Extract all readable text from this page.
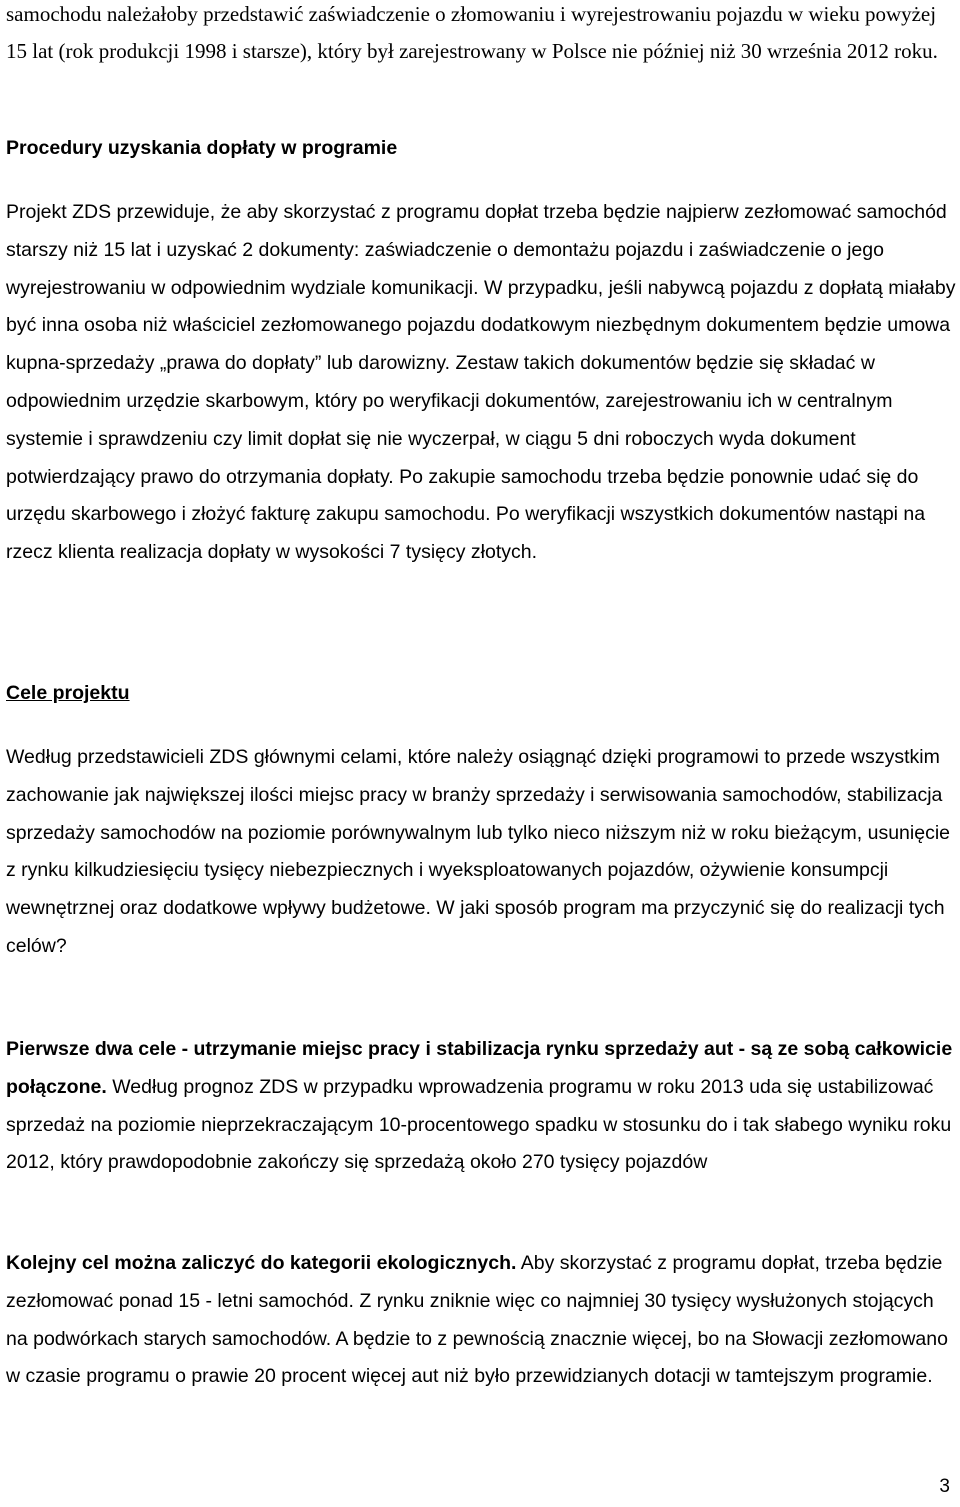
samochodu należałoby przedstawić zaświadczenie o złomowaniu i wyrejestrowaniu pojazdu w wieku powyżej 15 lat (rok produkcji 1998 i starsze), który był zarejestrowany w Polsce nie później niż 30 września 2012 roku.

Procedury uzyskania dopłaty w programie

Projekt ZDS przewiduje, że aby skorzystać z programu dopłat trzeba będzie najpierw zezłomować samochód starszy niż 15 lat i uzyskać 2 dokumenty: zaświadczenie o demontażu pojazdu i zaświadczenie o jego wyrejestrowaniu w odpowiednim wydziale komunikacji. W przypadku, jeśli nabywcą pojazdu z dopłatą miałaby być inna osoba niż właściciel zezłomowanego pojazdu dodatkowym niezbędnym dokumentem będzie umowa kupna-sprzedaży „prawa do dopłaty” lub darowizny. Zestaw takich dokumentów będzie się składać w odpowiednim urzędzie skarbowym, który po weryfikacji dokumentów, zarejestrowaniu ich w centralnym systemie i sprawdzeniu czy limit dopłat się nie wyczerpał, w ciągu 5 dni roboczych wyda dokument potwierdzający prawo do otrzymania dopłaty. Po zakupie samochodu trzeba będzie ponownie udać się do urzędu skarbowego i złożyć fakturę zakupu samochodu. Po weryfikacji wszystkich dokumentów nastąpi na rzecz klienta realizacja dopłaty w wysokości 7 tysięcy złotych.

Cele projektu

Według przedstawicieli ZDS głównymi celami, które należy osiągnąć dzięki programowi to przede wszystkim zachowanie jak największej ilości miejsc pracy w branży sprzedaży i serwisowania samochodów, stabilizacja sprzedaży samochodów na poziomie porównywalnym lub tylko nieco niższym niż w roku bieżącym, usunięcie z rynku kilkudziesięciu tysięcy niebezpiecznych i wyeksploatowanych pojazdów, ożywienie konsumpcji wewnętrznej oraz dodatkowe wpływy budżetowe. W jaki sposób program ma przyczynić się do realizacji tych celów?

Pierwsze dwa cele - utrzymanie miejsc pracy i stabilizacja rynku sprzedaży aut - są ze sobą całkowicie połączone. Według prognoz ZDS w przypadku wprowadzenia programu w roku 2013 uda się ustabilizować sprzedaż na poziomie nieprzekraczającym 10-procentowego spadku w stosunku do i tak słabego wyniku roku 2012, który prawdopodobnie zakończy się sprzedażą około 270 tysięcy pojazdów

Kolejny cel można zaliczyć do kategorii ekologicznych. Aby skorzystać z programu dopłat, trzeba będzie zezłomować ponad 15 - letni samochód. Z rynku zniknie więc co najmniej 30 tysięcy wysłużonych stojących na podwórkach starych samochodów. A będzie to z pewnością znacznie więcej, bo na Słowacji zezłomowano w czasie programu o prawie 20 procent więcej aut niż było przewidzianych dotacji w tamtejszym programie.

3
